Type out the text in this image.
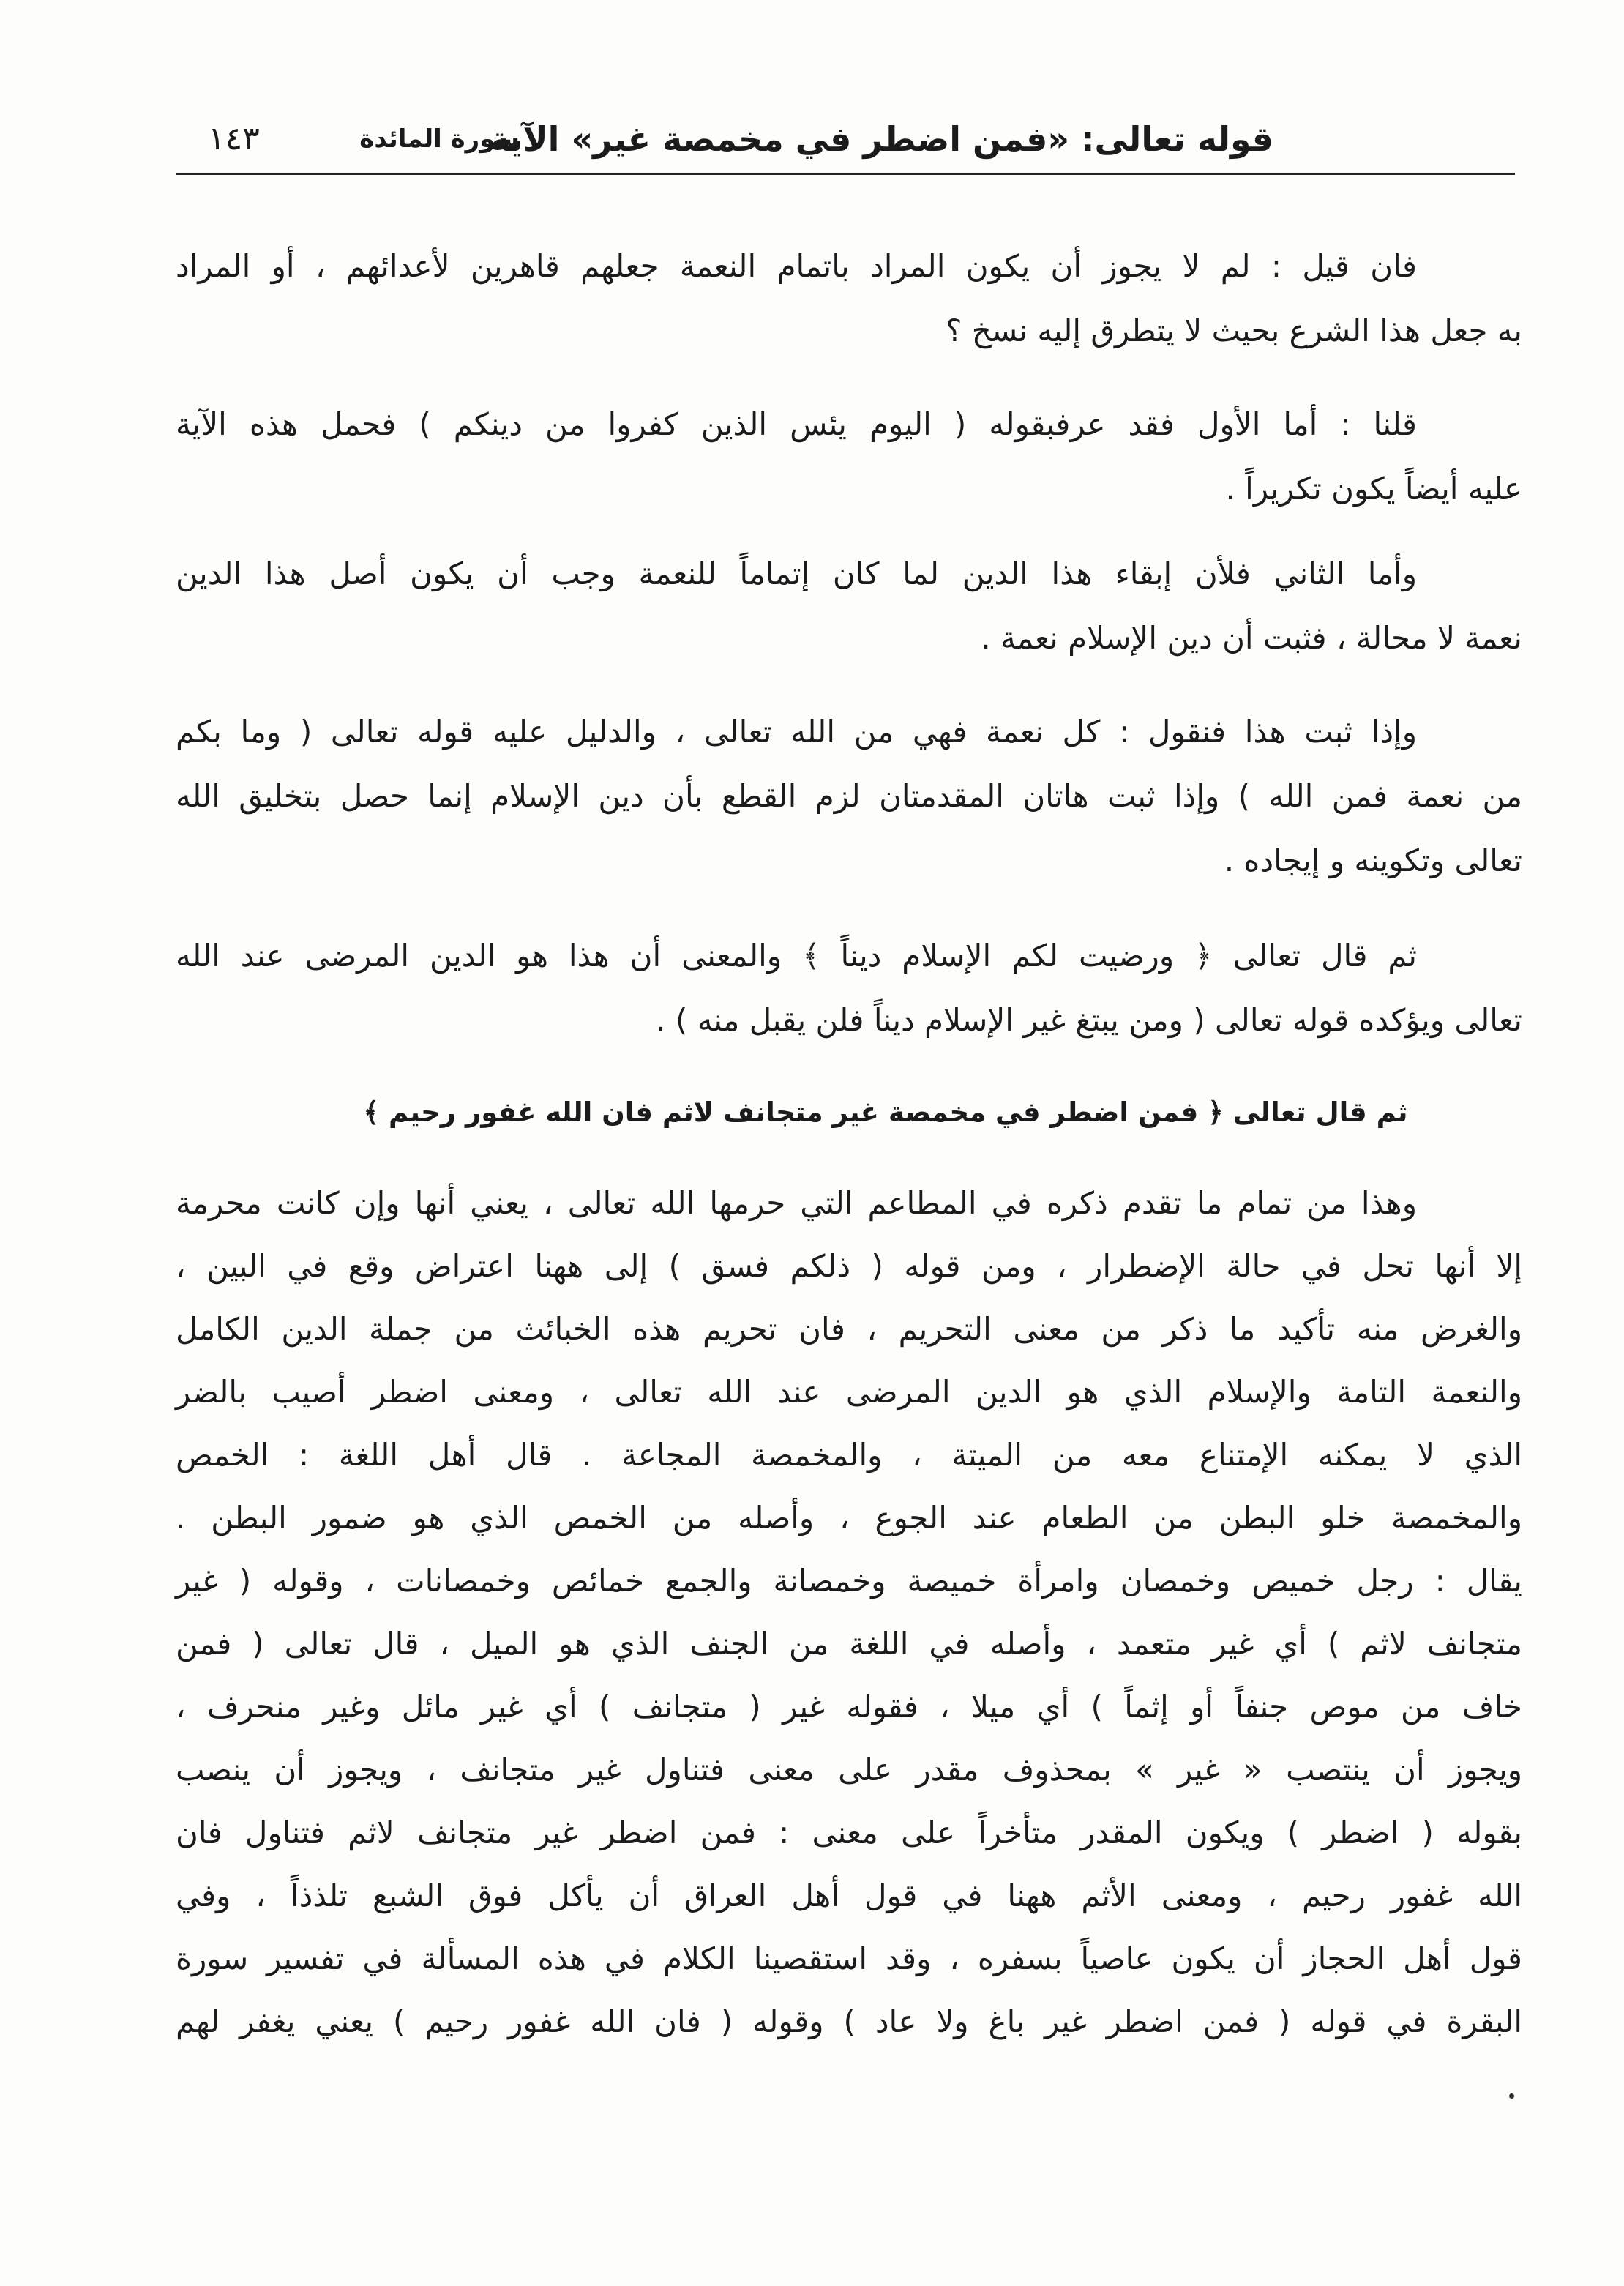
قوله تعالى: «فمن اضطر في مخمصة غير» الآية
سورة المائدة
١٤٣
فان قيل : لم لا يجوز أن يكون المراد باتمام النعمة جعلهم قاهرين لأعدائهم ، أو المراد
به جعل هذا الشرع بحيث لا يتطرق إليه نسخ ؟
قلنا : أما الأول فقد عرفبقوله ( اليوم يئس الذين كفروا من دينكم ) فحمل هذه الآية
عليه أيضاً يكون تكريراً .
وأما الثاني فلأن إبقاء هذا الدين لما كان إتماماً للنعمة وجب أن يكون أصل هذا الدين
نعمة لا محالة ، فثبت أن دين الإسلام نعمة .
وإذا ثبت هذا فنقول : كل نعمة فهي من الله تعالى ، والدليل عليه قوله تعالى ( وما بكم
من نعمة فمن الله ) وإذا ثبت هاتان المقدمتان لزم القطع بأن دين الإسلام إنما حصل بتخليق الله
تعالى وتكوينه و إيجاده .
ثم قال تعالى ﴿ ورضيت لكم الإسلام ديناً ﴾ والمعنى أن هذا هو الدين المرضى عند الله
تعالى ويؤكده قوله تعالى ( ومن يبتغ غير الإسلام ديناً فلن يقبل منه ) .
ثم قال تعالى ﴿ فمن اضطر في مخمصة غير متجانف لاثم فان الله غفور رحيم ﴾
وهذا من تمام ما تقدم ذكره في المطاعم التي حرمها الله تعالى ، يعني أنها وإن كانت محرمة
إلا أنها تحل في حالة الإضطرار ، ومن قوله ( ذلكم فسق ) إلى ههنا اعتراض وقع في البين ،
والغرض منه تأكيد ما ذكر من معنى التحريم ، فان تحريم هذه الخبائث من جملة الدين الكامل
والنعمة التامة والإسلام الذي هو الدين المرضى عند الله تعالى ، ومعنى اضطر أصيب بالضر
الذي لا يمكنه الإمتناع معه من الميتة ، والمخمصة المجاعة . قال أهل اللغة : الخمص
والمخمصة خلو البطن من الطعام عند الجوع ، وأصله من الخمص الذي هو ضمور البطن .
يقال : رجل خميص وخمصان وامرأة خميصة وخمصانة والجمع خمائص وخمصانات ، وقوله ( غير
متجانف لاثم ) أي غير متعمد ، وأصله في اللغة من الجنف الذي هو الميل ، قال تعالى ( فمن
خاف من موص جنفاً أو إثماً ) أي ميلا ، فقوله غير ( متجانف ) أي غير مائل وغير منحرف ،
ويجوز أن ينتصب « غير » بمحذوف مقدر على معنى فتناول غير متجانف ، ويجوز أن ينصب
بقوله ( اضطر ) ويكون المقدر متأخراً على معنى : فمن اضطر غير متجانف لاثم فتناول فان
الله غفور رحيم ، ومعنى الأثم ههنا في قول أهل العراق أن يأكل فوق الشبع تلذذاً ، وفي
قول أهل الحجاز أن يكون عاصياً بسفره ، وقد استقصينا الكلام في هذه المسألة في تفسير سورة
البقرة في قوله ( فمن اضطر غير باغ ولا عاد ) وقوله ( فان الله غفور رحيم ) يعني يغفر لهم
